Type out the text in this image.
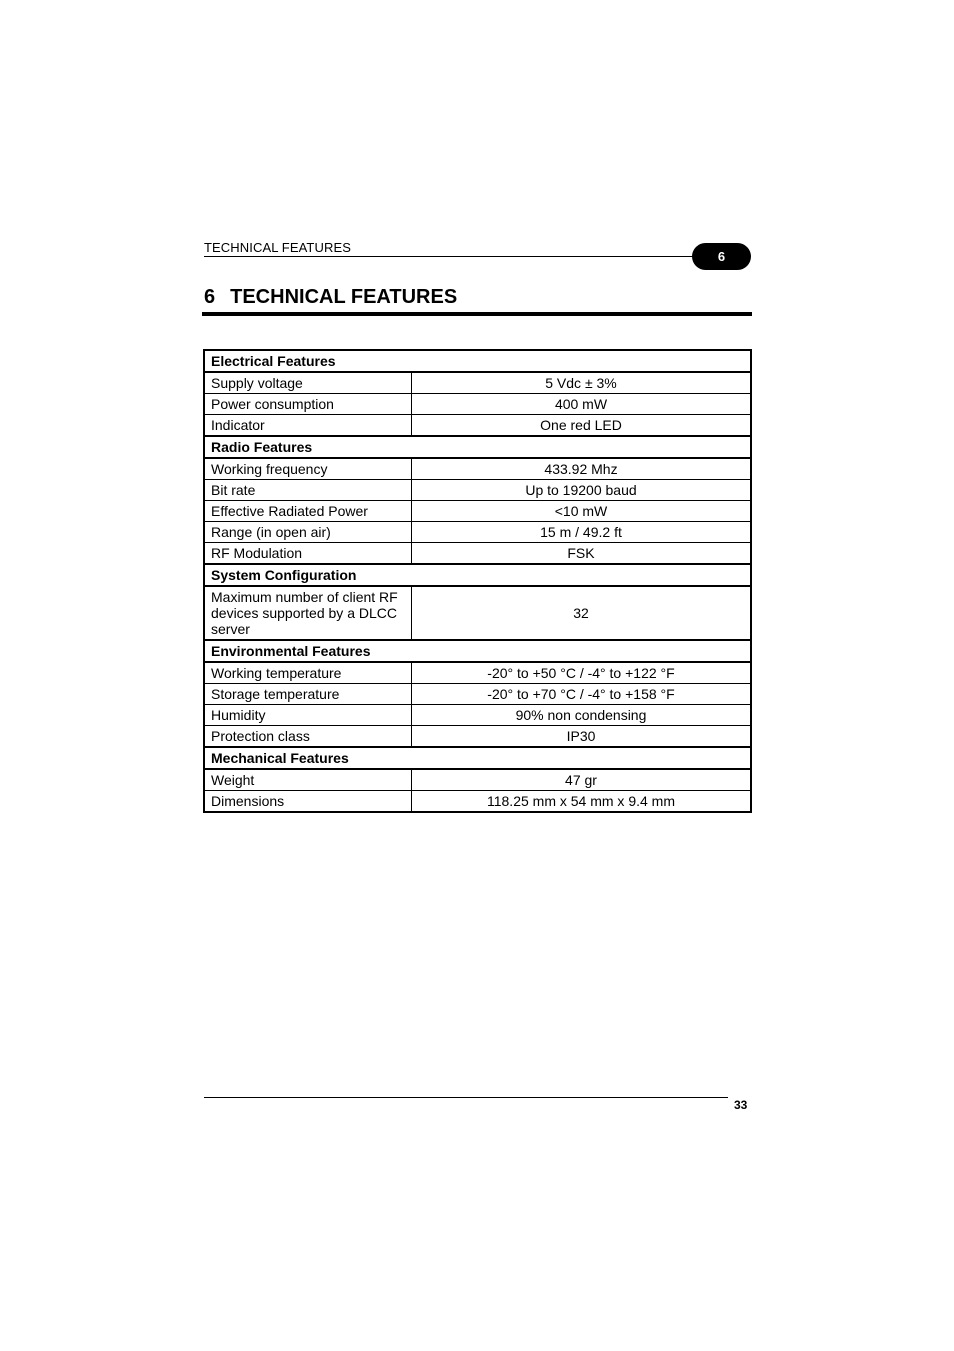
TECHNICAL FEATURES
6
6 TECHNICAL FEATURES
Electrical Features	
Supply voltage	5 Vdc ± 3%
Power consumption	400 mW
Indicator	One red LED
Radio Features	
Working frequency	433.92 Mhz
Bit rate	Up to 19200 baud
Effective Radiated Power	<10 mW
Range (in open air)	15 m / 49.2 ft
RF Modulation	FSK
System Configuration	
Maximum number of client RF devices supported by a DLCC server	32
Environmental Features	
Working temperature	-20° to +50 °C / -4° to +122 °F
Storage temperature	-20° to +70 °C / -4° to +158 °F
Humidity	90% non condensing
Protection class	IP30
Mechanical Features	
Weight	47 gr
Dimensions	118.25 mm x 54 mm x 9.4 mm
33
